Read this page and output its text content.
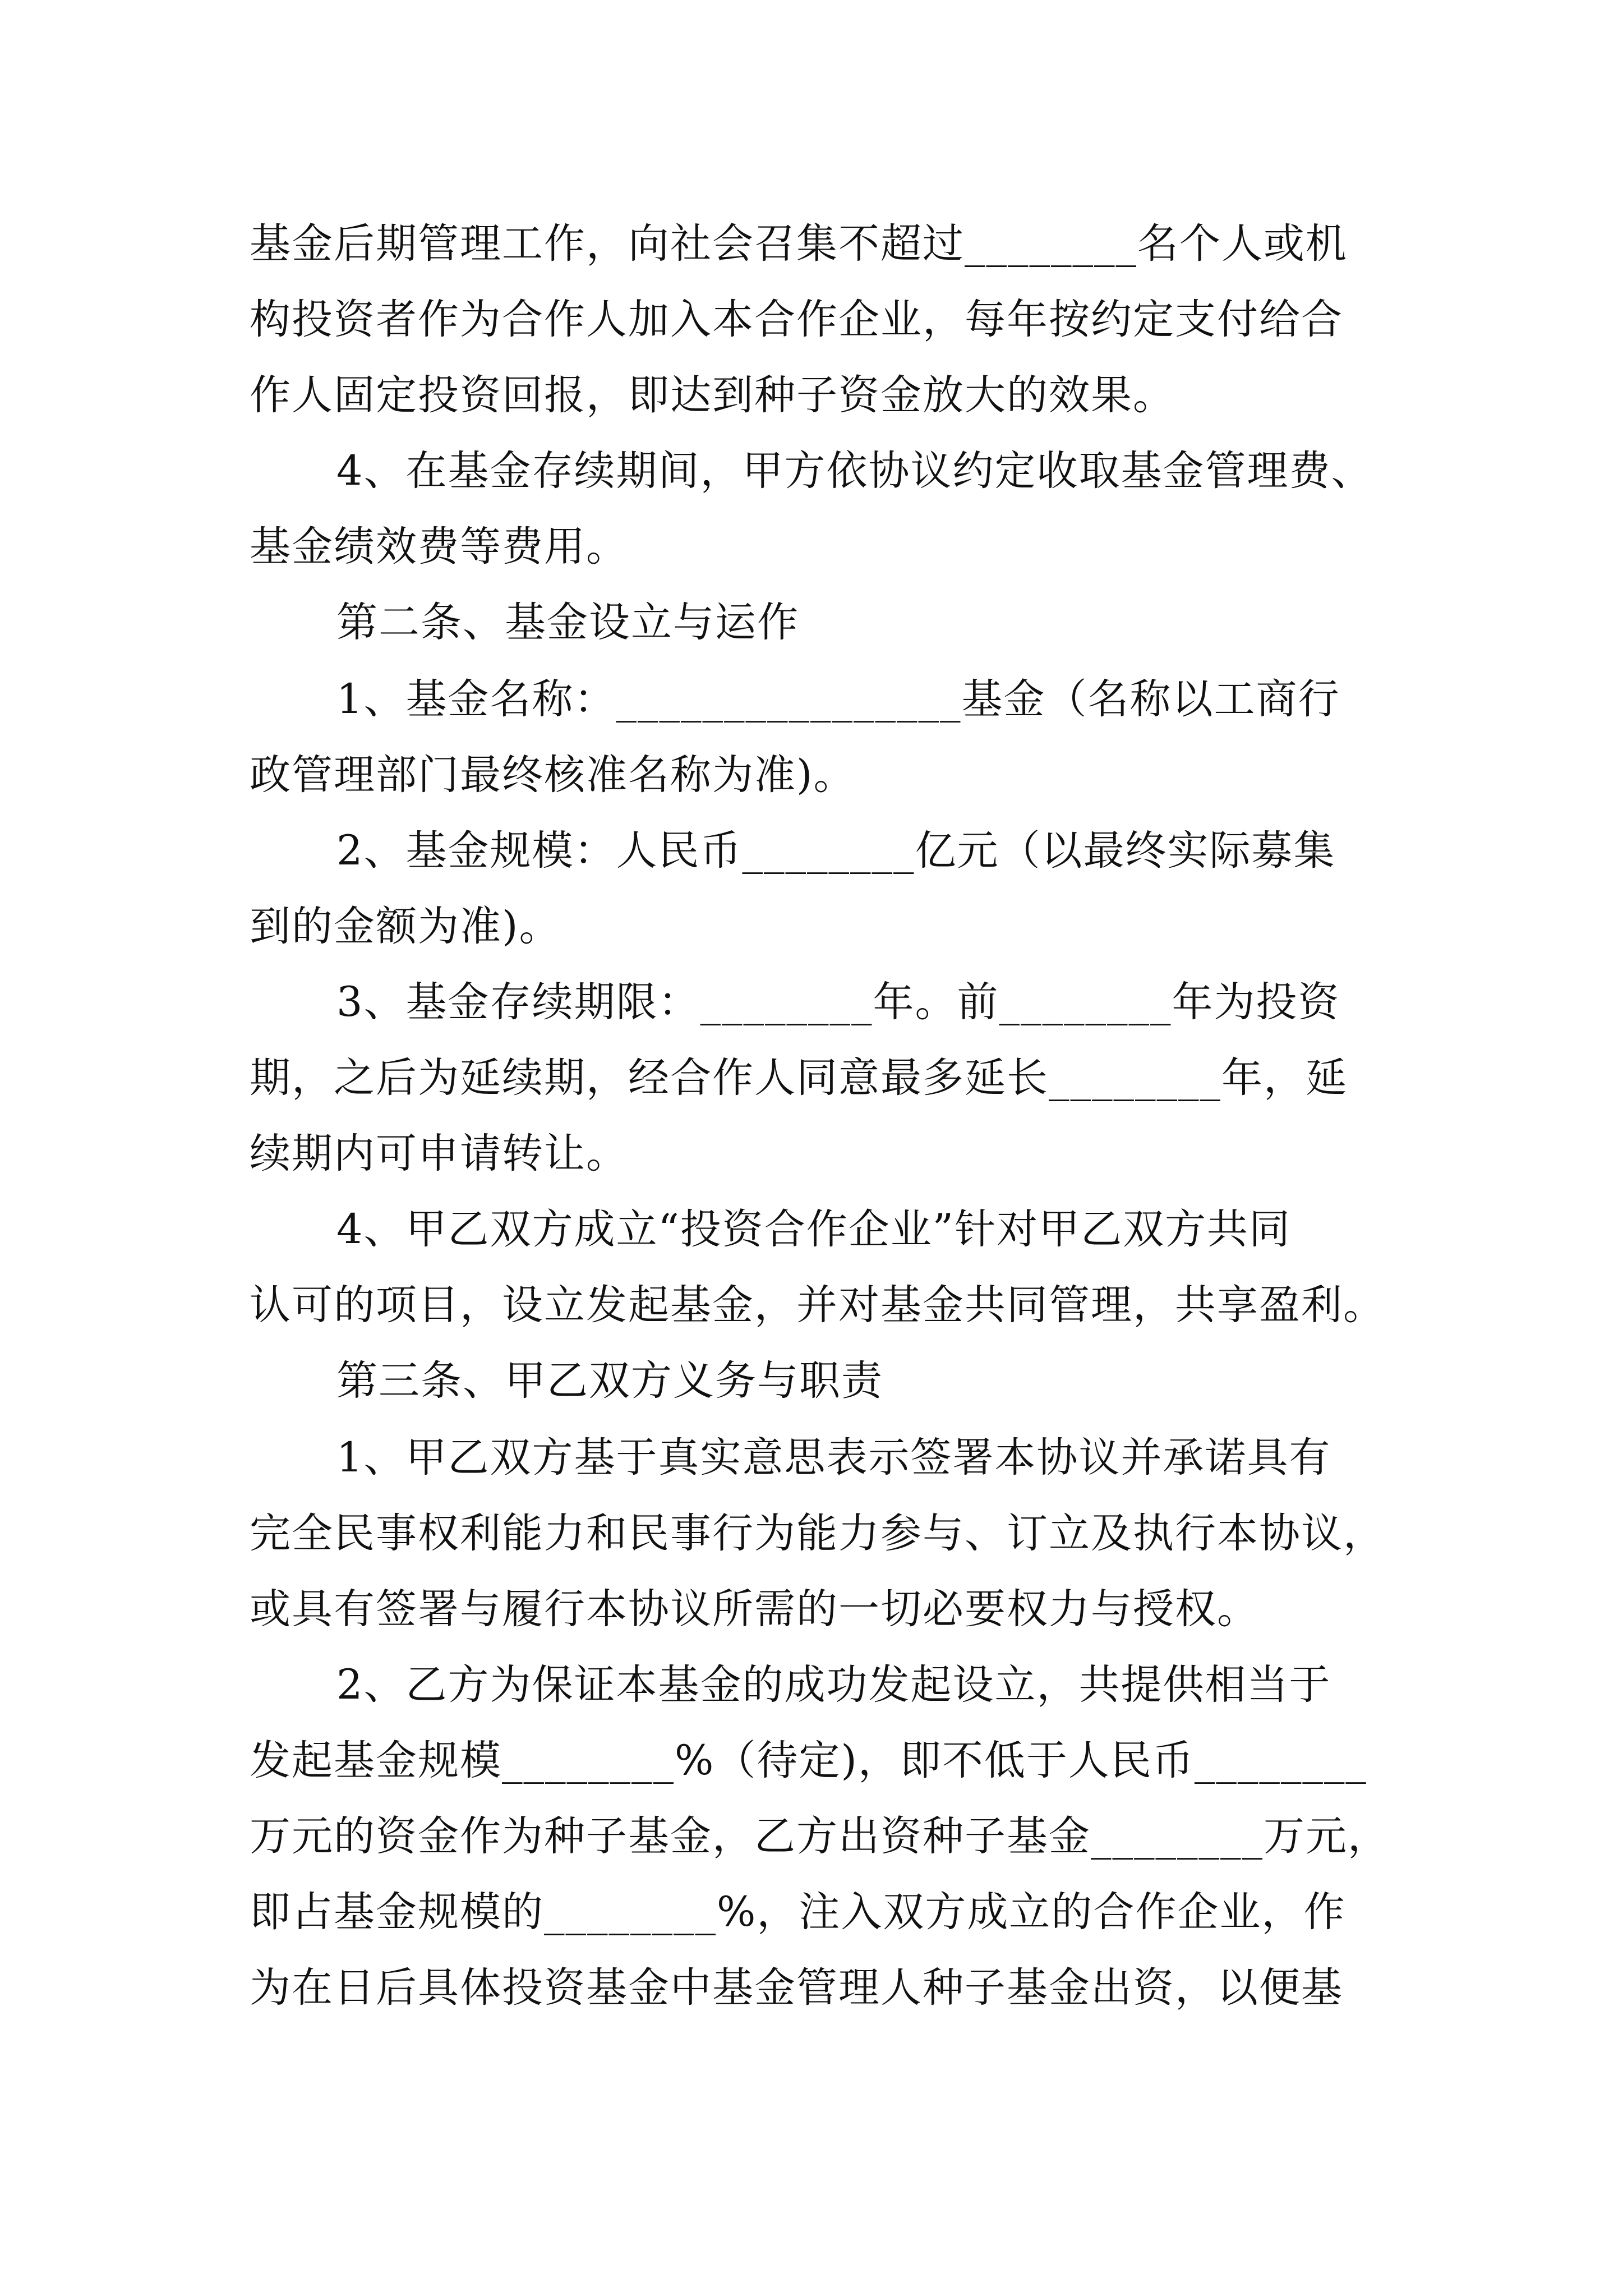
基金后期管理工作，向社会召集不超过________名个人或机
构投资者作为合作人加入本合作企业，每年按约定支付给合
作人固定投资回报，即达到种子资金放大的效果。
4、在基金存续期间，甲方依协议约定收取基金管理费、
基金绩效费等费用。
第二条、基金设立与运作
1、基金名称：________________基金（名称以工商行
政管理部门最终核准名称为准)。
2、基金规模：人民币________亿元（以最终实际募集
到的金额为准)。
3、基金存续期限：________年。前________年为投资
期，之后为延续期，经合作人同意最多延长________年，延
续期内可申请转让。
4、甲乙双方成立“投资合作企业”针对甲乙双方共同
认可的项目，设立发起基金，并对基金共同管理，共享盈利。
第三条、甲乙双方义务与职责
1、甲乙双方基于真实意思表示签署本协议并承诺具有
完全民事权利能力和民事行为能力参与、订立及执行本协议，
或具有签署与履行本协议所需的一切必要权力与授权。
2、乙方为保证本基金的成功发起设立，共提供相当于
发起基金规模________%（待定)，即不低于人民币________
万元的资金作为种子基金，乙方出资种子基金________万元，
即占基金规模的________%，注入双方成立的合作企业，作
为在日后具体投资基金中基金管理人种子基金出资，以便基
